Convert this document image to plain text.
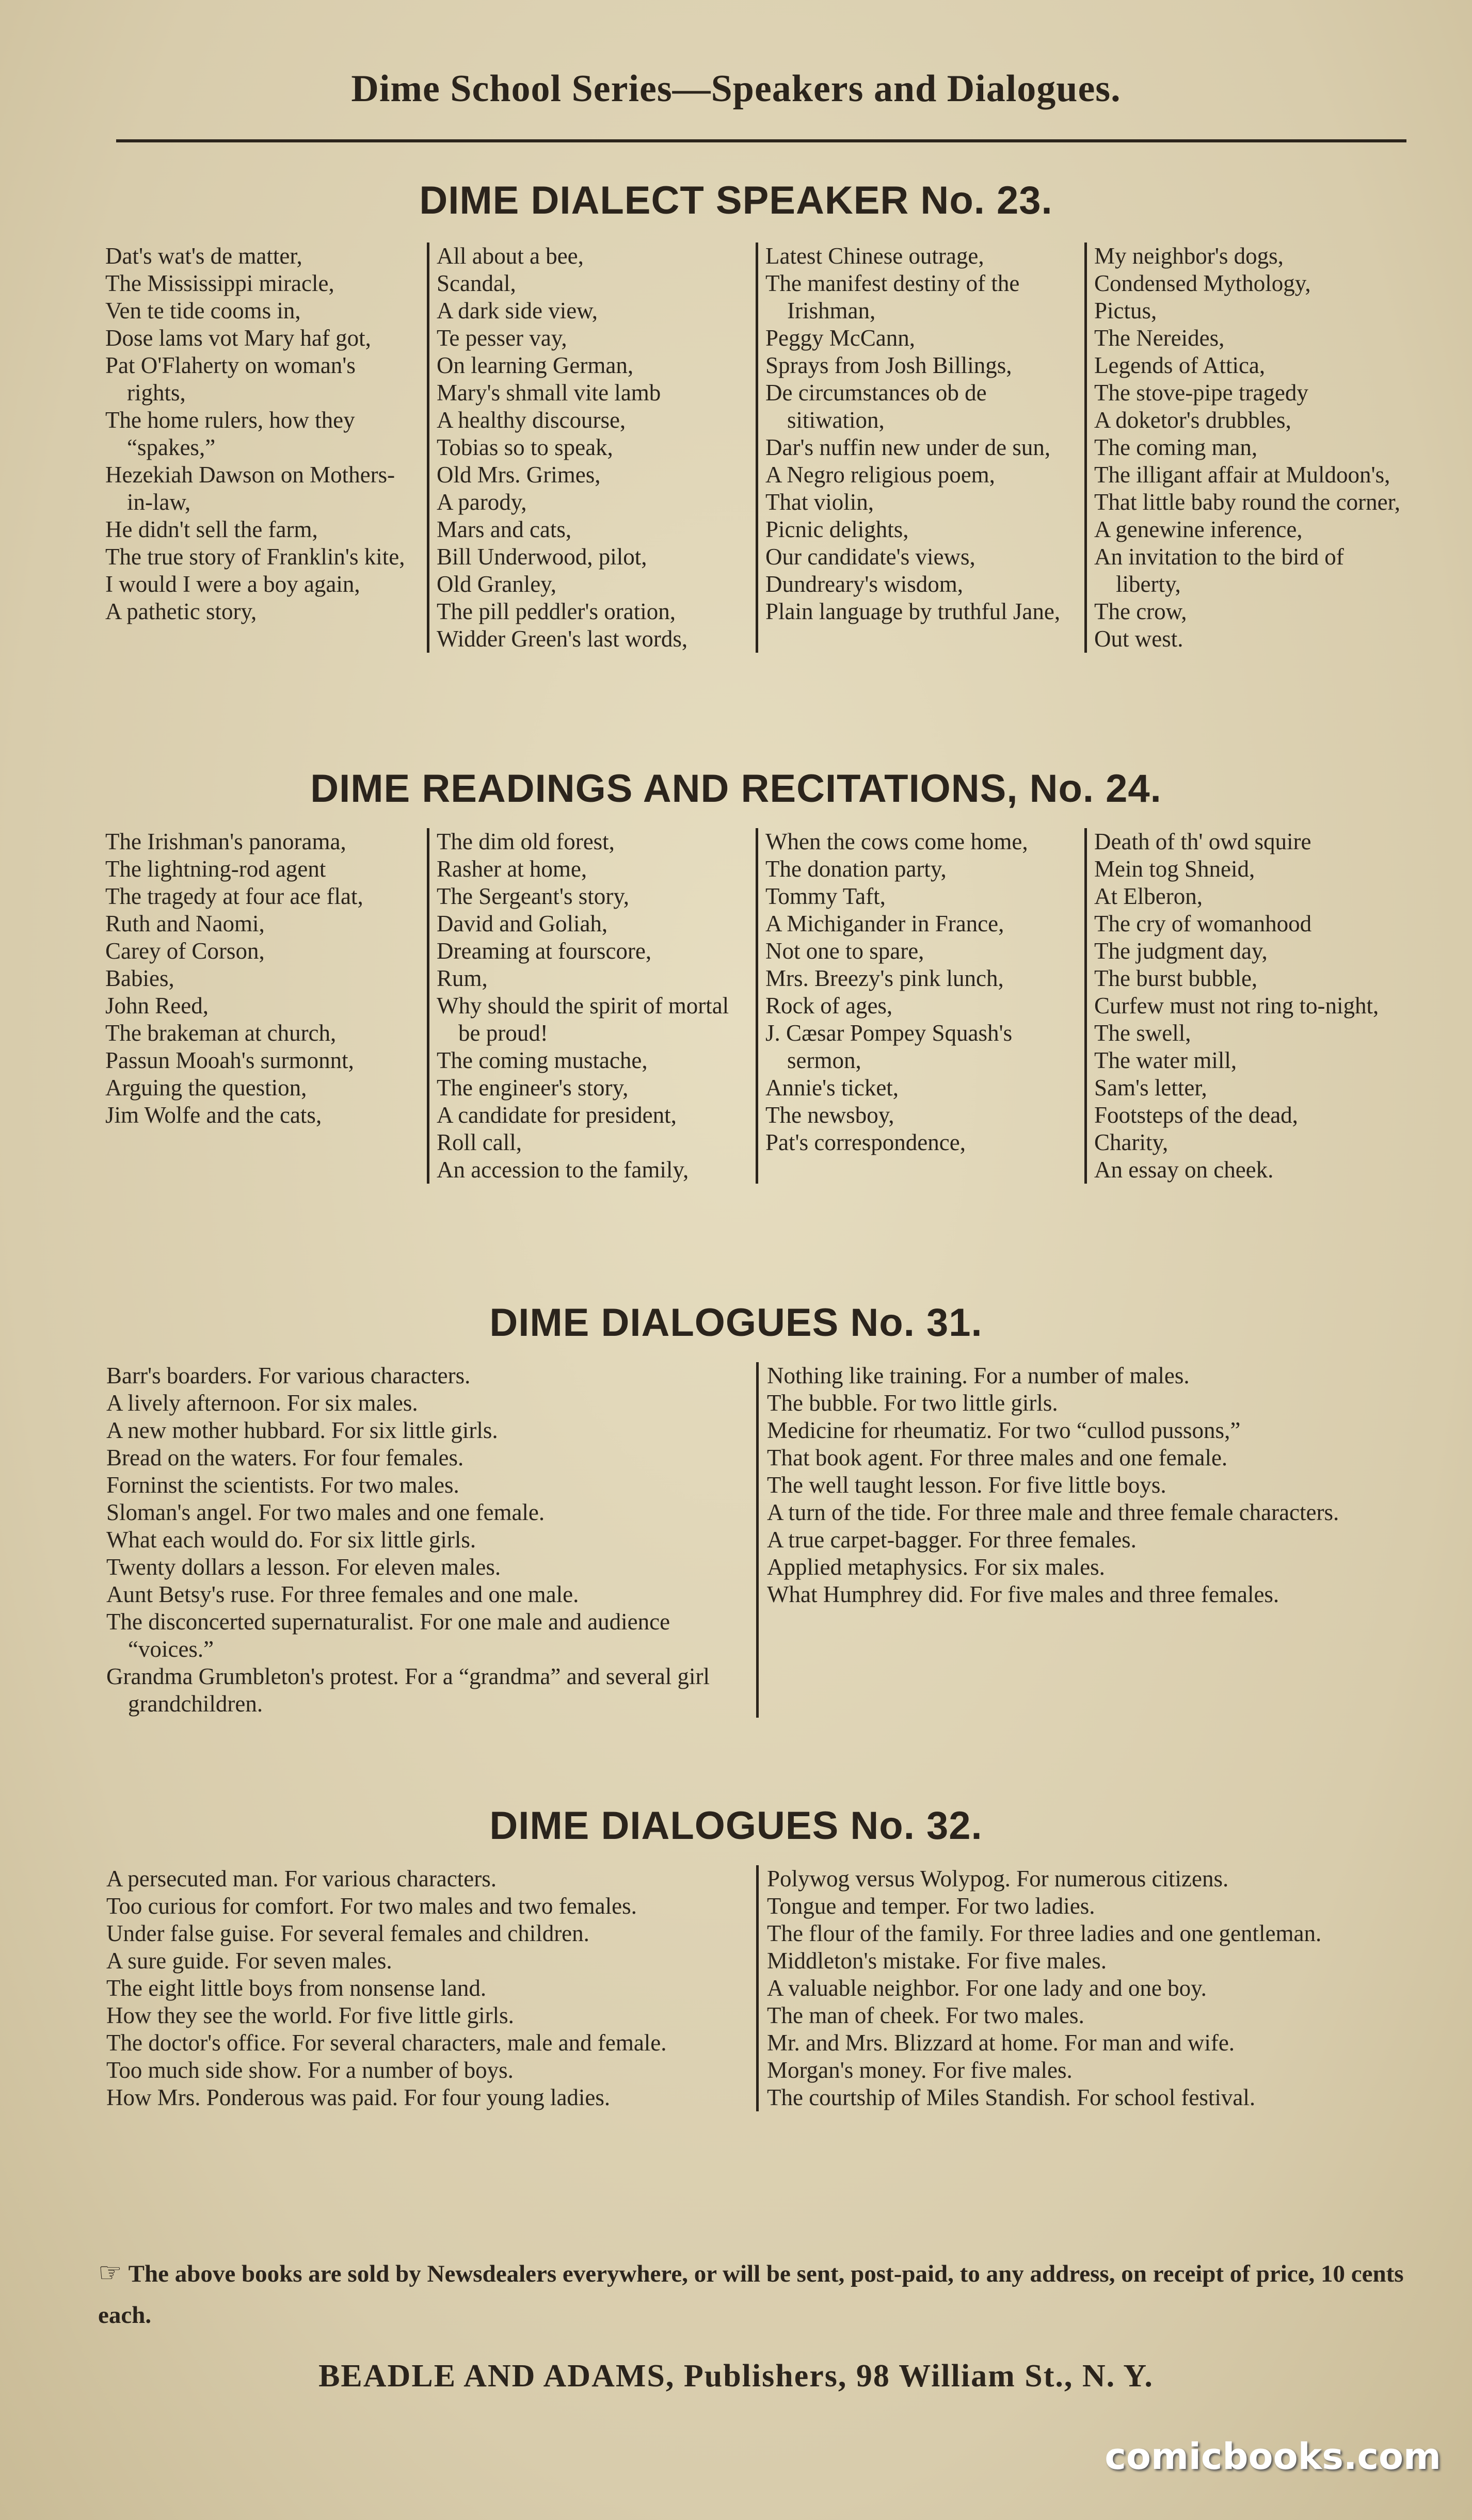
Dime School Series—Speakers and Dialogues.
DIME DIALECT SPEAKER No. 23.
Dat's wat's de matter,
The Mississippi miracle,
Ven te tide cooms in,
Dose lams vot Mary haf got,
Pat O'Flaherty on woman's rights,
The home rulers, how they “spakes,”
Hezekiah Dawson on Mothers-in-law,
He didn't sell the farm,
The true story of Franklin's kite,
I would I were a boy again,
A pathetic story,
All about a bee,
Scandal,
A dark side view,
Te pesser vay,
On learning German,
Mary's shmall vite lamb
A healthy discourse,
Tobias so to speak,
Old Mrs. Grimes,
A parody,
Mars and cats,
Bill Underwood, pilot,
Old Granley,
The pill peddler's oration,
Widder Green's last words,
Latest Chinese outrage,
The manifest destiny of the Irishman,
Peggy McCann,
Sprays from Josh Billings,
De circumstances ob de sitiwation,
Dar's nuffin new under de sun,
A Negro religious poem,
That violin,
Picnic delights,
Our candidate's views,
Dundreary's wisdom,
Plain language by truthful Jane,
My neighbor's dogs,
Condensed Mythology,
Pictus,
The Nereides,
Legends of Attica,
The stove-pipe tragedy
A doketor's drubbles,
The coming man,
The illigant affair at Muldoon's,
That little baby round the corner,
A genewine inference,
An invitation to the bird of liberty,
The crow,
Out west.
DIME READINGS AND RECITATIONS, No. 24.
The Irishman's panorama,
The lightning-rod agent
The tragedy at four ace flat,
Ruth and Naomi,
Carey of Corson,
Babies,
John Reed,
The brakeman at church,
Passun Mooah's surmonnt,
Arguing the question,
Jim Wolfe and the cats,
The dim old forest,
Rasher at home,
The Sergeant's story,
David and Goliah,
Dreaming at fourscore,
Rum,
Why should the spirit of mortal be proud!
The coming mustache,
The engineer's story,
A candidate for president,
Roll call,
An accession to the family,
When the cows come home,
The donation party,
Tommy Taft,
A Michigander in France,
Not one to spare,
Mrs. Breezy's pink lunch,
Rock of ages,
J. Cæsar Pompey Squash's sermon,
Annie's ticket,
The newsboy,
Pat's correspondence,
Death of th' owd squire
Mein tog Shneid,
At Elberon,
The cry of womanhood
The judgment day,
The burst bubble,
Curfew must not ring to-night,
The swell,
The water mill,
Sam's letter,
Footsteps of the dead,
Charity,
An essay on cheek.
DIME DIALOGUES No. 31.
Barr's boarders. For various characters.
A lively afternoon. For six males.
A new mother hubbard. For six little girls.
Bread on the waters. For four females.
Forninst the scientists. For two males.
Sloman's angel. For two males and one female.
What each would do. For six little girls.
Twenty dollars a lesson. For eleven males.
Aunt Betsy's ruse. For three females and one male.
The disconcerted supernaturalist. For one male and audience “voices.”
Grandma Grumbleton's protest. For a “grandma” and several girl grandchildren.
Nothing like training. For a number of males.
The bubble. For two little girls.
Medicine for rheumatiz. For two “cullod pussons,”
That book agent. For three males and one female.
The well taught lesson. For five little boys.
A turn of the tide. For three male and three female characters.
A true carpet-bagger. For three females.
Applied metaphysics. For six males.
What Humphrey did. For five males and three females.
DIME DIALOGUES No. 32.
A persecuted man. For various characters.
Too curious for comfort. For two males and two females.
Under false guise. For several females and children.
A sure guide. For seven males.
The eight little boys from nonsense land.
How they see the world. For five little girls.
The doctor's office. For several characters, male and female.
Too much side show. For a number of boys.
How Mrs. Ponderous was paid. For four young ladies.
Polywog versus Wolypog. For numerous citizens.
Tongue and temper. For two ladies.
The flour of the family. For three ladies and one gentleman.
Middleton's mistake. For five males.
A valuable neighbor. For one lady and one boy.
The man of cheek. For two males.
Mr. and Mrs. Blizzard at home. For man and wife.
Morgan's money. For five males.
The courtship of Miles Standish. For school festival.
☞ The above books are sold by Newsdealers everywhere, or will be sent, post-paid, to any address, on receipt of price, 10 cents each.
BEADLE AND ADAMS, Publishers, 98 William St., N. Y.
comicbooks.com
